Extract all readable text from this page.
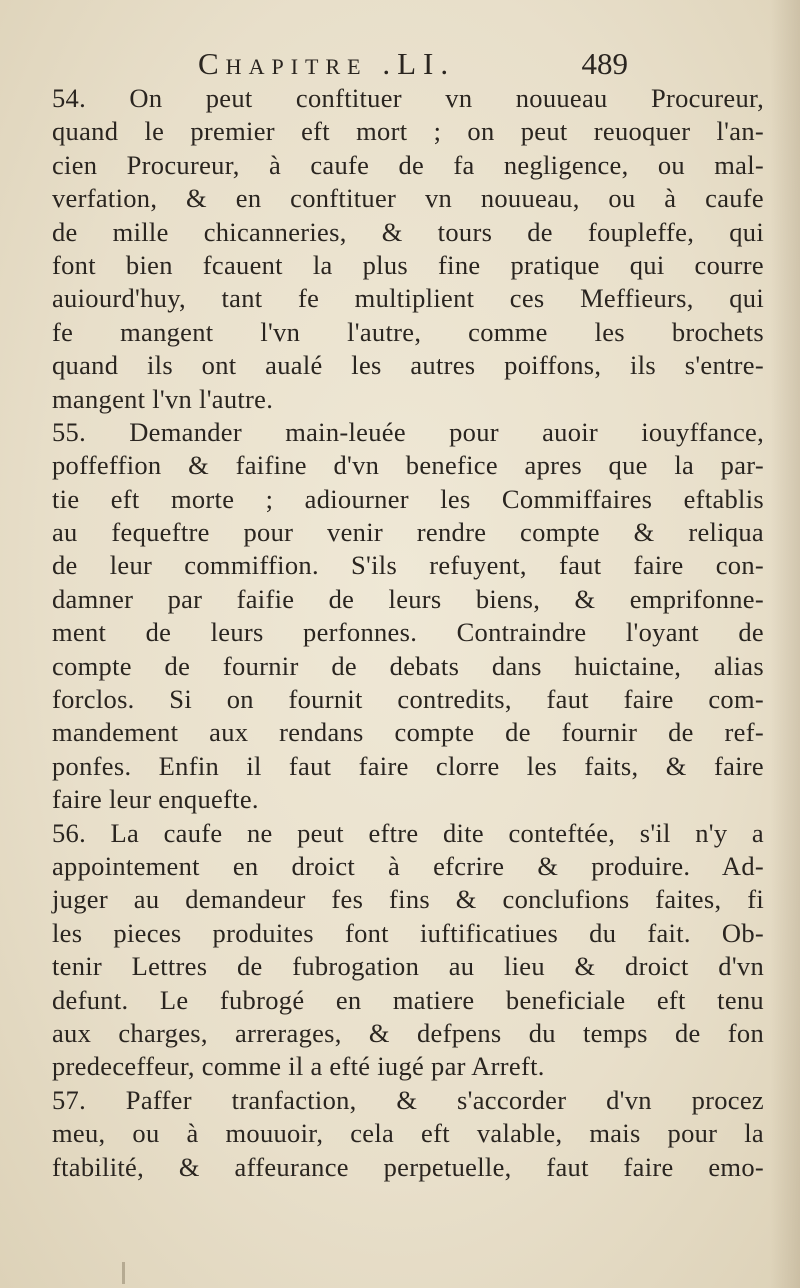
Chapitre .LI.	489
54. On peut conftituer vn nouueau Procureur,
quand le premier eft mort ; on peut reuoquer l'an-
cien Procureur, à caufe de fa negligence, ou mal-
verfation, & en conftituer vn nouueau, ou à caufe
de mille chicanneries, & tours de foupleffe, qui
font bien fcauent la plus fine pratique qui courre
auiourd'huy, tant fe multiplient ces Meffieurs, qui
fe mangent l'vn l'autre, comme les brochets
quand ils ont aualé les autres poiffons, ils s'entre-
mangent l'vn l'autre.
55. Demander main-leuée pour auoir iouyffance,
poffeffion & faifine d'vn benefice apres que la par-
tie eft morte ; adiourner les Commiffaires eftablis
au fequeftre pour venir rendre compte & reliqua
de leur commiffion. S'ils refuyent, faut faire con-
damner par faifie de leurs biens, & emprifonne-
ment de leurs perfonnes. Contraindre l'oyant de
compte de fournir de debats dans huictaine, alias
forclos. Si on fournit contredits, faut faire com-
mandement aux rendans compte de fournir de ref-
ponfes. Enfin il faut faire clorre les faits, & faire
faire leur enquefte.
56. La caufe ne peut eftre dite conteftée, s'il n'y a
appointement en droict à efcrire & produire. Ad-
juger au demandeur fes fins & conclufions faites, fi
les pieces produites font iuftificatiues du fait. Ob-
tenir Lettres de fubrogation au lieu & droict d'vn
defunt. Le fubrogé en matiere beneficiale eft tenu
aux charges, arrerages, & defpens du temps de fon
predeceffeur, comme il a efté iugé par Arreft.
57. Paffer tranfaction, & s'accorder d'vn procez
meu, ou à mouuoir, cela eft valable, mais pour la
ftabilité, & affeurance perpetuelle, faut faire emo-
